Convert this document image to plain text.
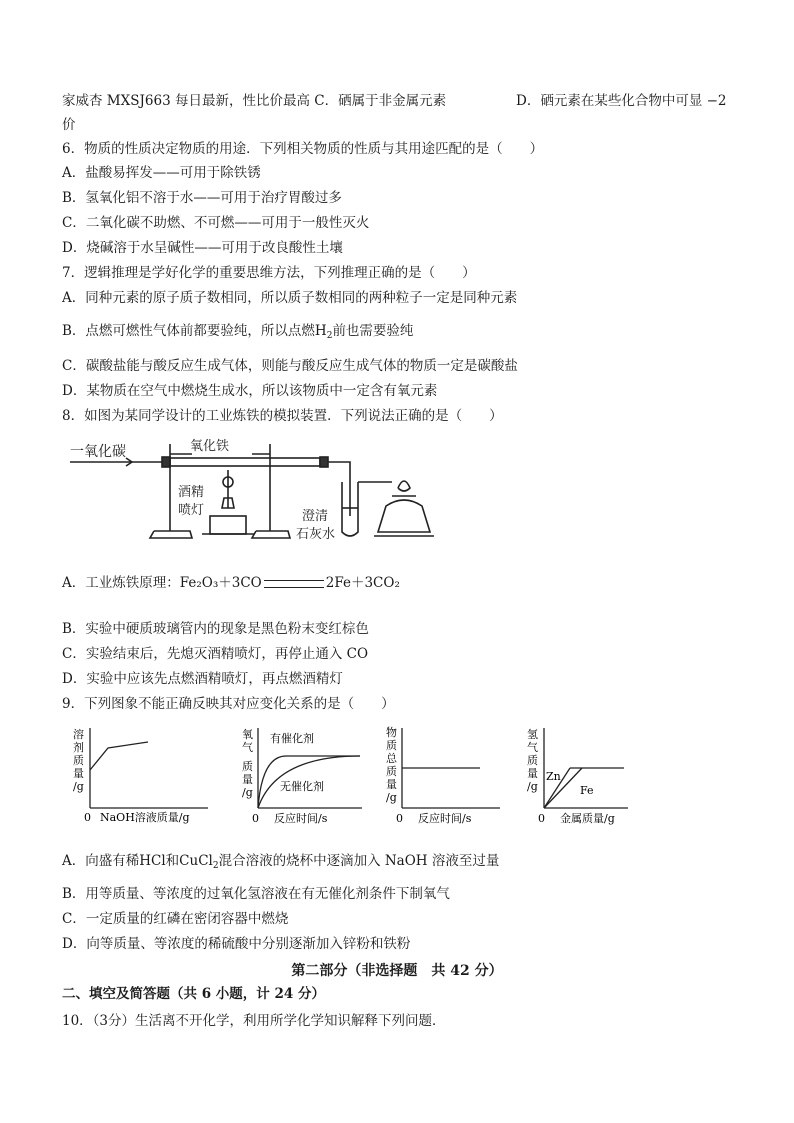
家威杏 MXSJ663 每日最新，性比价最高 C．硒属于非金属元素	D．硒元素在某些化合物中可显 −2
价
6．物质的性质决定物质的用途．下列相关物质的性质与其用途匹配的是（　　）
A．盐酸易挥发——可用于除铁锈
B．氢氧化铝不溶于水——可用于治疗胃酸过多
C．二氧化碳不助燃、不可燃——可用于一般性灭火
D．烧碱溶于水呈碱性——可用于改良酸性土壤
7．逻辑推理是学好化学的重要思维方法，下列推理正确的是（　　）
A．同种元素的原子质子数相同，所以质子数相同的两种粒子一定是同种元素
B．点燃可燃性气体前都要验纯，所以点燃$H_2$前也需要验纯
C．碳酸盐能与酸反应生成气体，则能与酸反应生成气体的物质一定是碳酸盐
D．某物质在空气中燃烧生成水，所以该物质中一定含有氧元素
8．如图为某同学设计的工业炼铁的模拟装置．下列说法正确的是（　　）
一氧化碳	氧化铁
酒精
喷灯	澄清
石灰水
A．工业炼铁原理：Fe₂O₃＋3CO	2Fe＋3CO₂
B．实验中硬质玻璃管内的现象是黑色粉末变红棕色
C．实验结束后，先熄灭酒精喷灯，再停止通入 CO
D．实验中应该先点燃酒精喷灯，再点燃酒精灯
9．下列图象不能正确反映其对应变化关系的是（　　）
溶
剂
质
量
/g
0 NaOH溶液质量/g
有催化剂
无催化剂
氧
气
质
量
/g
0 反应时间/s
物
质
总
质
量
/g
0 反应时间/s
Zn
Fe
氢
气
质
量
/g
0 金属质量/g
A．向盛有稀HCl和CuCl$_2$混合溶液的烧杯中逐滴加入 NaOH 溶液至过量
B．用等质量、等浓度的过氧化氢溶液在有无催化剂条件下制氧气
C．一定质量的红磷在密闭容器中燃烧
D．向等质量、等浓度的稀硫酸中分别逐渐加入锌粉和铁粉
第二部分（非选择题　共 42 分）
二、填空及简答题（共 6 小题，计 24 分）
10．（3分）生活离不开化学，利用所学化学知识解释下列问题．
